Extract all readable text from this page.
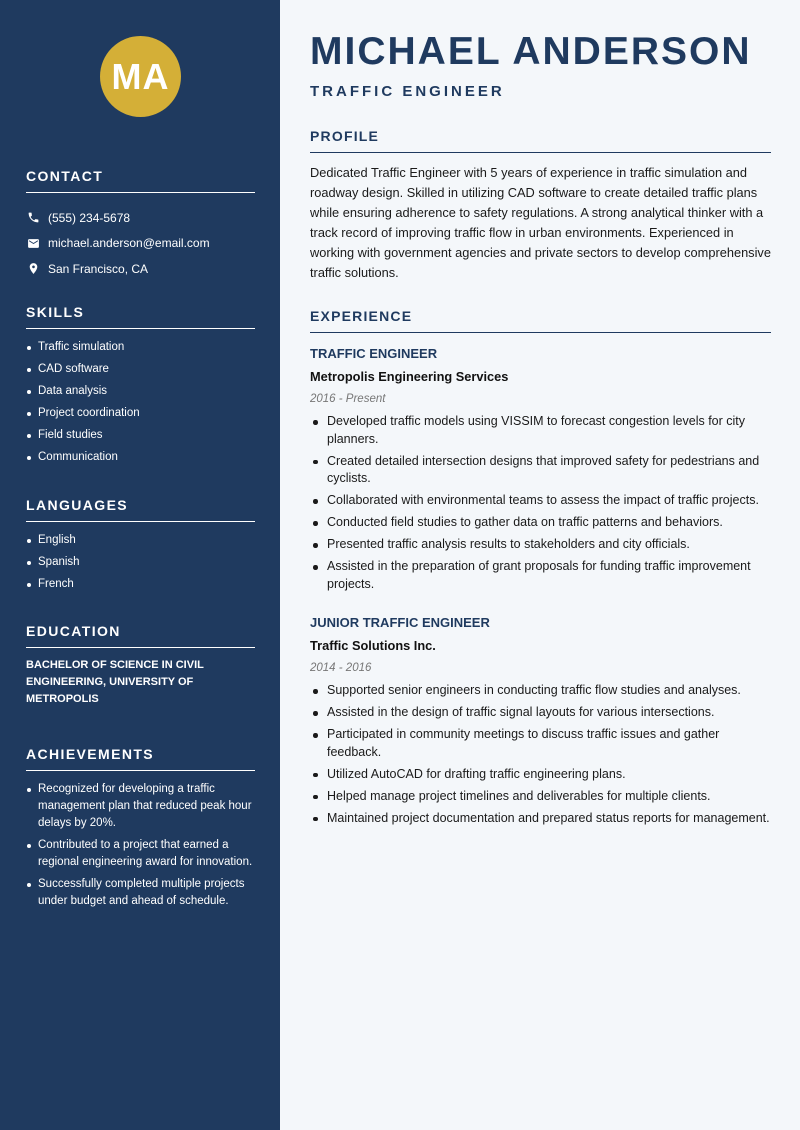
MA
CONTACT
(555) 234-5678
michael.anderson@email.com
San Francisco, CA
SKILLS
Traffic simulation
CAD software
Data analysis
Project coordination
Field studies
Communication
LANGUAGES
English
Spanish
French
EDUCATION

BACHELOR OF SCIENCE IN CIVIL ENGINEERING, UNIVERSITY OF METROPOLIS

ACHIEVEMENTS
Recognized for developing a traffic management plan that reduced peak hour delays by 20%.
Contributed to a project that earned a regional engineering award for innovation.
Successfully completed multiple projects under budget and ahead of schedule.
MICHAEL ANDERSON
TRAFFIC ENGINEER
PROFILE

Dedicated Traffic Engineer with 5 years of experience in traffic simulation and roadway design. Skilled in utilizing CAD software to create detailed traffic plans while ensuring adherence to safety regulations. A strong analytical thinker with a track record of improving traffic flow in urban environments. Experienced in working with government agencies and private sectors to develop comprehensive traffic solutions.

EXPERIENCE
TRAFFIC ENGINEER
Metropolis Engineering Services
2016 - Present
Developed traffic models using VISSIM to forecast congestion levels for city planners.
Created detailed intersection designs that improved safety for pedestrians and cyclists.
Collaborated with environmental teams to assess the impact of traffic projects.
Conducted field studies to gather data on traffic patterns and behaviors.
Presented traffic analysis results to stakeholders and city officials.
Assisted in the preparation of grant proposals for funding traffic improvement projects.
JUNIOR TRAFFIC ENGINEER
Traffic Solutions Inc.
2014 - 2016
Supported senior engineers in conducting traffic flow studies and analyses.
Assisted in the design of traffic signal layouts for various intersections.
Participated in community meetings to discuss traffic issues and gather feedback.
Utilized AutoCAD for drafting traffic engineering plans.
Helped manage project timelines and deliverables for multiple clients.
Maintained project documentation and prepared status reports for management.
